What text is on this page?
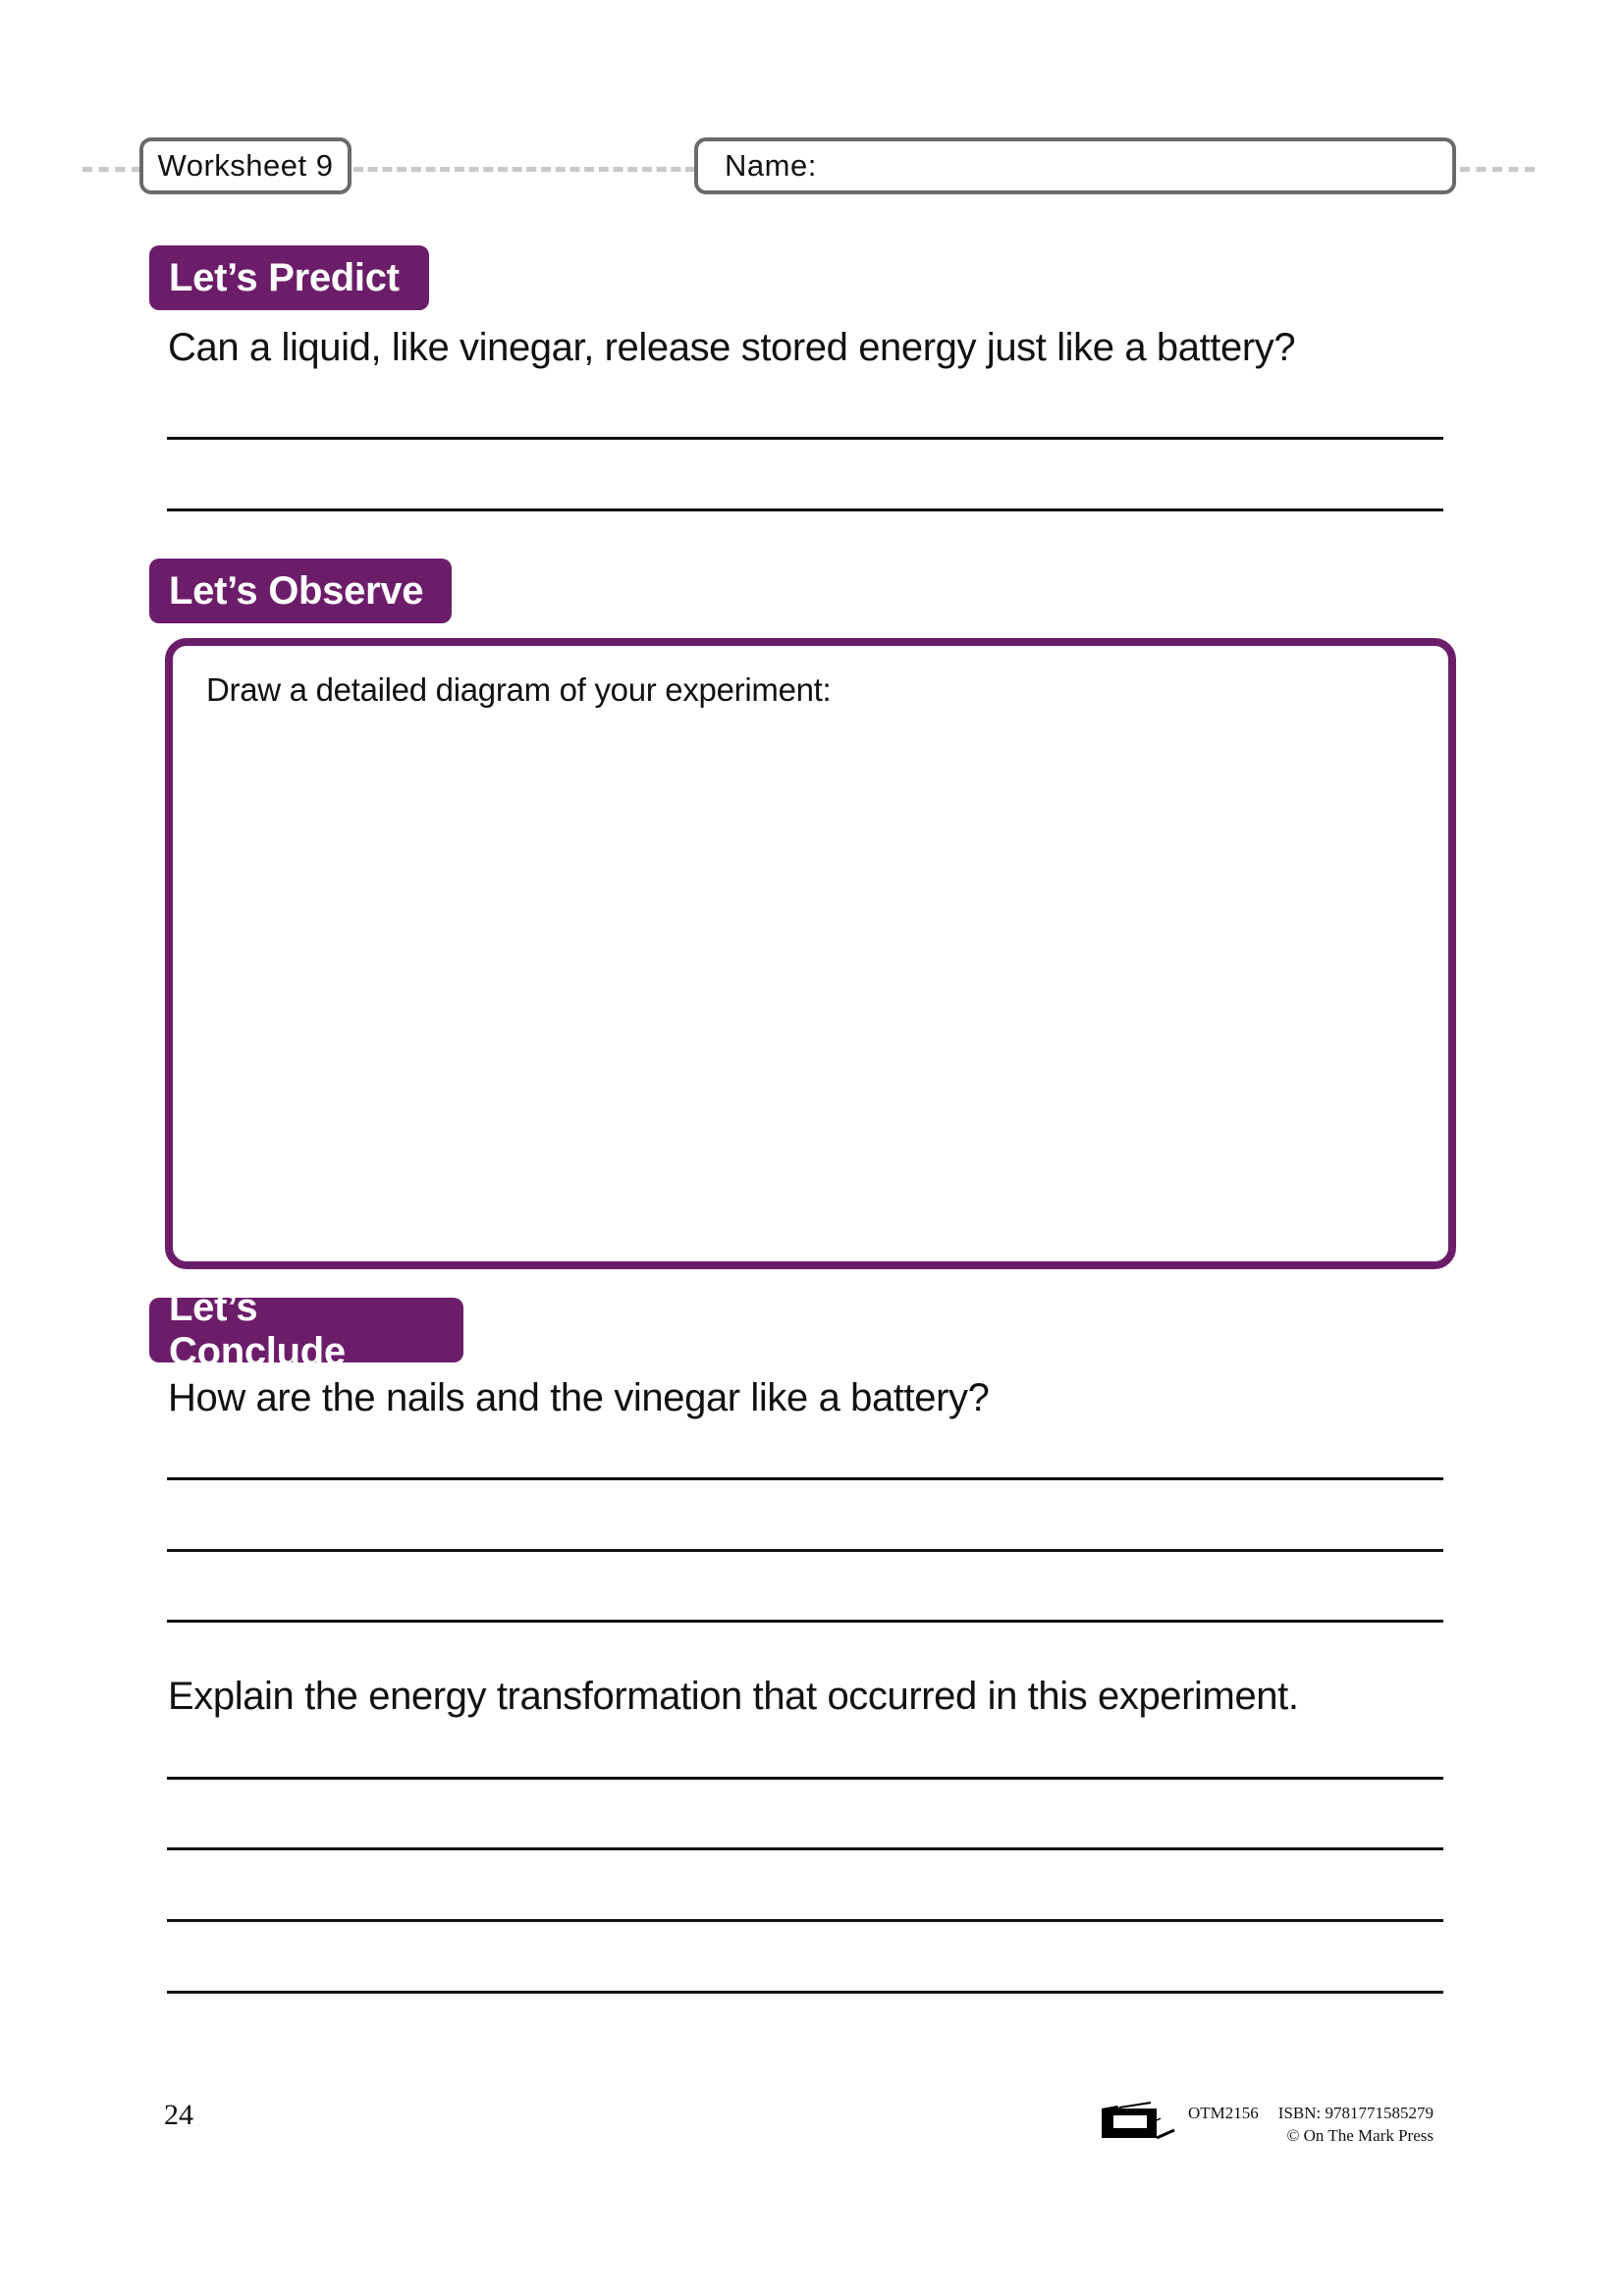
Worksheet 9	Name:
Let’s Predict
Can a liquid, like vinegar, release stored energy just like a battery?
Let’s Observe
Draw a detailed diagram of your experiment:
Let’s Conclude
How are the nails and the vinegar like a battery?
Explain the energy transformation that occurred in this experiment.
24	OTM2156 ISBN: 9781771585279
© On The Mark Press
